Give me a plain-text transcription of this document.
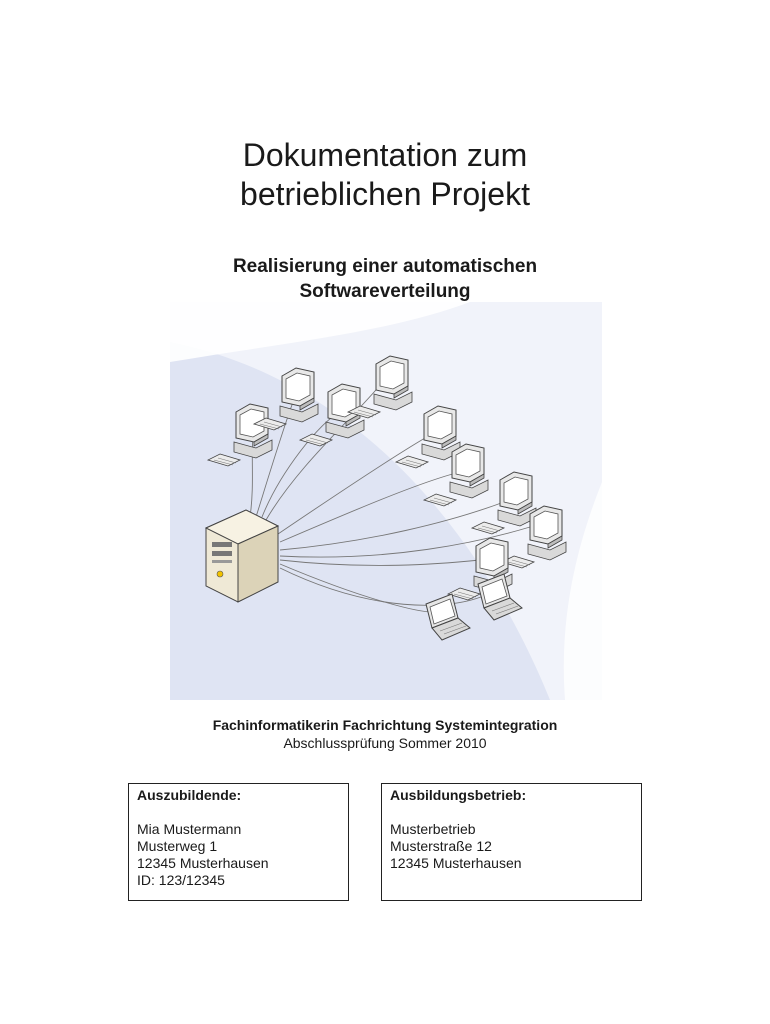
Dokumentation zum
betrieblichen Projekt
Realisierung einer automatischen
Softwareverteilung
Fachinformatikerin Fachrichtung Systemintegration
Abschlussprüfung Sommer 2010
Auszubildende:
Mia Mustermann
Musterweg 1
12345 Musterhausen
ID: 123/12345
Ausbildungsbetrieb:
Musterbetrieb
Musterstraße 12
12345 Musterhausen
